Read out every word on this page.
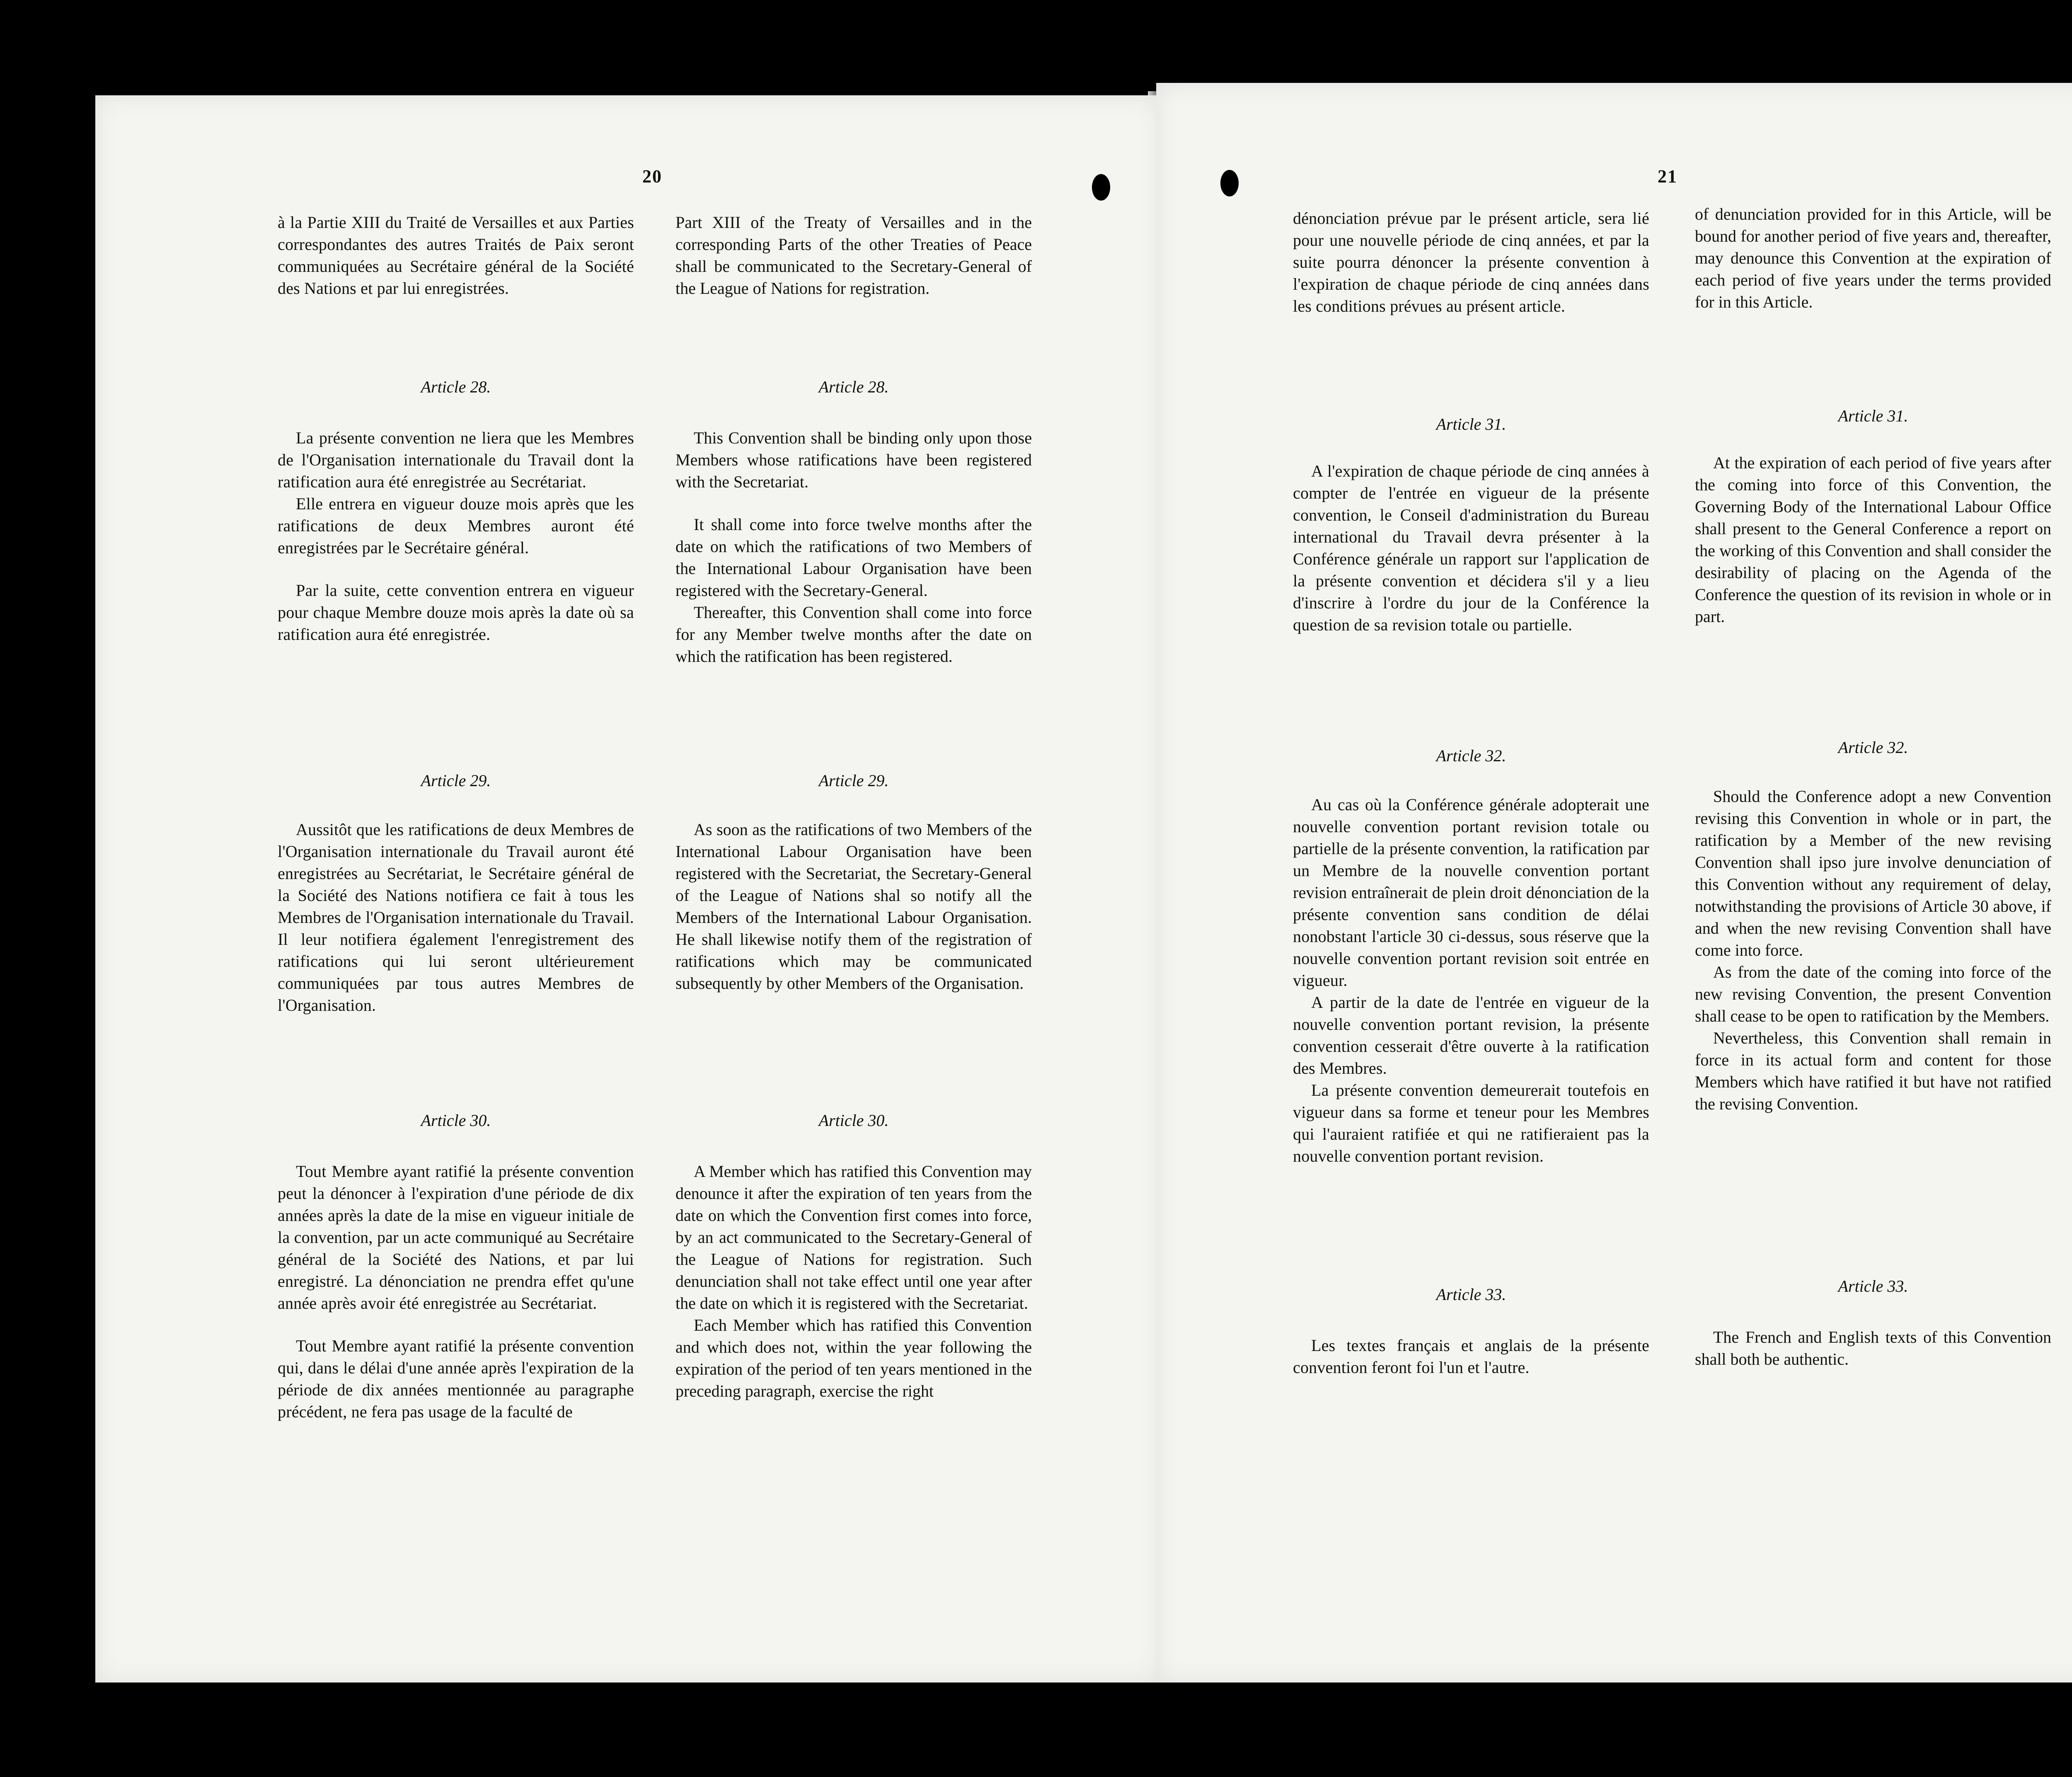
20

à la Partie XIII du Traité de Versailles et aux Parties correspondantes des autres Traités de Paix seront communiquées au Secrétaire général de la Société des Nations et par lui enregistrées.

Part XIII of the Treaty of Versailles and in the corresponding Parts of the other Treaties of Peace shall be communicated to the Secretary-General of the League of Nations for registration.

Article 28.	Article 28.

La présente convention ne liera que les Membres de l'Organisation internationale du Travail dont la ratification aura été enregistrée au Secrétariat.

Elle entrera en vigueur douze mois après que les ratifications de deux Membres auront été enregistrées par le Secrétaire général.

Par la suite, cette convention entrera en vigueur pour chaque Membre douze mois après la date où sa ratification aura été enregistrée.

This Convention shall be binding only upon those Members whose ratifications have been registered with the Secretariat.

It shall come into force twelve months after the date on which the ratifications of two Members of the International Labour Organisation have been registered with the Secretary-General.

Thereafter, this Convention shall come into force for any Member twelve months after the date on which the ratification has been registered.

Article 29.	Article 29.

Aussitôt que les ratifications de deux Membres de l'Organisation internationale du Travail auront été enregistrées au Secrétariat, le Secrétaire général de la Société des Nations notifiera ce fait à tous les Membres de l'Organisation internationale du Travail. Il leur notifiera également l'enregistrement des ratifications qui lui seront ultérieurement communiquées par tous autres Membres de l'Organisation.

As soon as the ratifications of two Members of the International Labour Organisation have been registered with the Secretariat, the Secretary-General of the League of Nations shal so notify all the Members of the International Labour Organisation. He shall likewise notify them of the registration of ratifications which may be communicated subsequently by other Members of the Organisation.

Article 30.	Article 30.

Tout Membre ayant ratifié la présente convention peut la dénoncer à l'expiration d'une période de dix années après la date de la mise en vigueur initiale de la convention, par un acte communiqué au Secrétaire général de la Société des Nations, et par lui enregistré. La dénonciation ne prendra effet qu'une année après avoir été enregistrée au Secrétariat.

Tout Membre ayant ratifié la présente convention qui, dans le délai d'une année après l'expiration de la période de dix années mentionnée au paragraphe précédent, ne fera pas usage de la faculté de

A Member which has ratified this Convention may denounce it after the expiration of ten years from the date on which the Convention first comes into force, by an act communicated to the Secretary-General of the League of Nations for registration. Such denunciation shall not take effect until one year after the date on which it is registered with the Secretariat.

Each Member which has ratified this Convention and which does not, within the year following the expiration of the period of ten years mentioned in the preceding paragraph, exercise the right

21

dénonciation prévue par le présent article, sera lié pour une nouvelle période de cinq années, et par la suite pourra dénoncer la présente convention à l'expiration de chaque période de cinq années dans les conditions prévues au présent article.

of denunciation provided for in this Article, will be bound for another period of five years and, thereafter, may denounce this Convention at the expiration of each period of five years under the terms provided for in this Article.

Article 31.	Article 31.

A l'expiration de chaque période de cinq années à compter de l'entrée en vigueur de la présente convention, le Conseil d'administration du Bureau international du Travail devra présenter à la Conférence générale un rapport sur l'application de la présente convention et décidera s'il y a lieu d'inscrire à l'ordre du jour de la Conférence la question de sa revision totale ou partielle.

At the expiration of each period of five years after the coming into force of this Convention, the Governing Body of the International Labour Office shall present to the General Conference a report on the working of this Convention and shall consider the desirability of placing on the Agenda of the Conference the question of its revision in whole or in part.

Article 32.	Article 32.

Au cas où la Conférence générale adopterait une nouvelle convention portant revision totale ou partielle de la présente convention, la ratification par un Membre de la nouvelle convention portant revision entraînerait de plein droit dénonciation de la présente convention sans condition de délai nonobstant l'article 30 ci-dessus, sous réserve que la nouvelle convention portant revision soit entrée en vigueur.

A partir de la date de l'entrée en vigueur de la nouvelle convention portant revision, la présente convention cesserait d'être ouverte à la ratification des Membres.

La présente convention demeurerait toutefois en vigueur dans sa forme et teneur pour les Membres qui l'auraient ratifiée et qui ne ratifieraient pas la nouvelle convention portant revision.

Should the Conference adopt a new Convention revising this Convention in whole or in part, the ratification by a Member of the new revising Convention shall ipso jure involve denunciation of this Convention without any requirement of delay, notwithstanding the provisions of Article 30 above, if and when the new revising Convention shall have come into force.

As from the date of the coming into force of the new revising Convention, the present Convention shall cease to be open to ratification by the Members.

Nevertheless, this Convention shall remain in force in its actual form and content for those Members which have ratified it but have not ratified the revising Convention.

Article 33.	Article 33.

Les textes français et anglais de la présente convention feront foi l'un et l'autre.

The French and English texts of this Convention shall both be authentic.
